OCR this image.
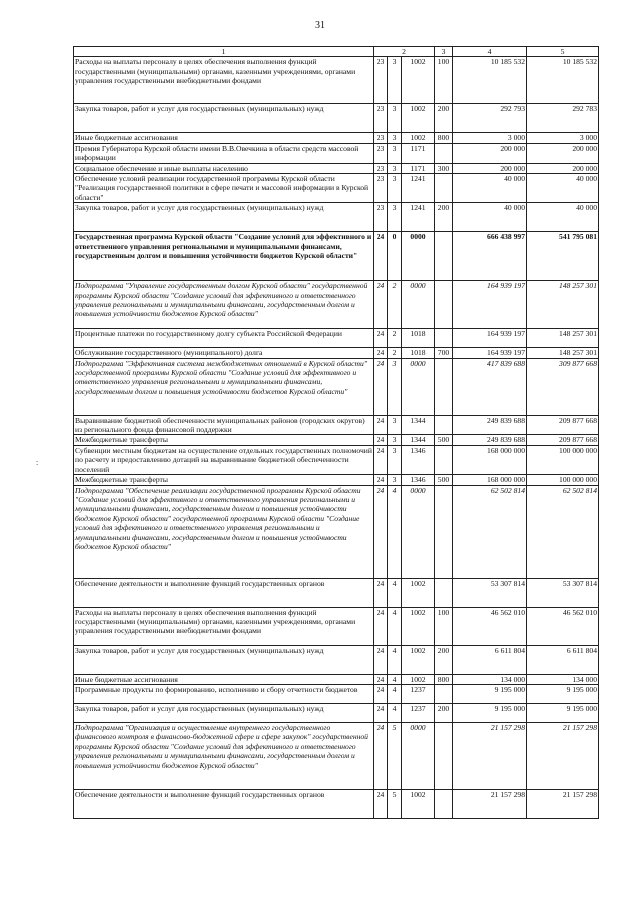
31
:
1	2			3	4	5
Расходы на выплаты персоналу в целях обеспечения выполнения функций государственными (муниципальными) органами, казенными учреждениями, органами управления государственными внебюджетными фондами	23	3	1002	100	10 185 532	10 185 532
Закупка товаров, работ и услуг для государственных (муниципальных) нужд	23	3	1002	200	292 793	292 783
Иные бюджетные ассигнования	23	3	1002	800	3 000	3 000
Премия Губернатора Курской области имени В.В.Овечкина в области средств массовой информации	23	3	1171		200 000	200 000
Социальное обеспечение и иные выплаты населению	23	3	1171	300	200 000	200 000
Обеспечение условий реализации государственной программы Курской области "Реализация государственной политики в сфере печати и массовой информации в Курской области"	23	3	1241		40 000	40 000
Закупка товаров, работ и услуг для государственных (муниципальных) нужд	23	3	1241	200	40 000	40 000
Государственная программа Курской области "Создание условий для эффективного и ответственного управления региональными и муниципальными финансами, государственным долгом и повышения устойчивости бюджетов Курской области"	24	0	0000		666 438 997	541 795 081
Подпрограмма "Управление государственным долгом Курской области" государственной программы Курской области "Создание условий для эффективного и ответственного управления региональными и муниципальными финансами, государственным долгом и повышения устойчивости бюджетов Курской области"	24	2	0000		164 939 197	148 257 301
Процентные платежи по государственному долгу субъекта Российской Федерации	24	2	1018		164 939 197	148 257 301
Обслуживание государственного (муниципального) долга	24	2	1018	700	164 939 197	148 257 301
Подпрограмма "Эффективная система межбюджетных отношений в Курской области" государственной программы Курской области "Создание условий для эффективного и ответственного управления региональными и муниципальными финансами, государственным долгом и повышения устойчивости бюджетов Курской области"	24	3	0000		417 839 688	309 877 668
Выравнивание бюджетной обеспеченности муниципальных районов (городских округов) из регионального фонда финансовой поддержки	24	3	1344		249 839 688	209 877 668
Межбюджетные трансферты	24	3	1344	500	249 839 688	209 877 668
Субвенции местным бюджетам на осуществление отдельных государственных полномочий по расчету и предоставлению дотаций на выравнивание бюджетной обеспеченности поселений	24	3	1346		168 000 000	100 000 000
Межбюджетные трансферты	24	3	1346	500	168 000 000	100 000 000
Подпрограмма "Обеспечение реализации государственной программы Курской области "Создание условий для эффективного и ответственного управления региональными и муниципальными финансами, государственным долгом и повышения устойчивости бюджетов Курской области" государственной программы Курской области "Создание условий для эффективного и ответственного управления региональными и муниципальными финансами, государственным долгом и повышения устойчивости бюджетов Курской области"	24	4	0000		62 502 814	62 502 814
Обеспечение деятельности и выполнение функций государственных органов	24	4	1002		53 307 814	53 307 814
Расходы на выплаты персоналу в целях обеспечения выполнения функций государственными (муниципальными) органами, казенными учреждениями, органами управления государственными внебюджетными фондами	24	4	1002	100	46 562 010	46 562 010
Закупка товаров, работ и услуг для государственных (муниципальных) нужд	24	4	1002	200	6 611 804	6 611 804
Иные бюджетные ассигнования	24	4	1002	800	134 000	134 000
Программные продукты по формированию, исполнению и сбору отчетности бюджетов	24	4	1237		9 195 000	9 195 000
Закупка товаров, работ и услуг для государственных (муниципальных) нужд	24	4	1237	200	9 195 000	9 195 000
Подпрограмма "Организация и осуществление внутреннего государственного финансового контроля в финансово-бюджетной сфере и сфере закупок" государственной программы Курской области "Создание условий для эффективного и ответственного управления региональными и муниципальными финансами, государственным долгом и повышения устойчивости бюджетов Курской области"	24	5	0000		21 157 298	21 157 298
Обеспечение деятельности и выполнение функций государственных органов	24	5	1002		21 157 298	21 157 298
